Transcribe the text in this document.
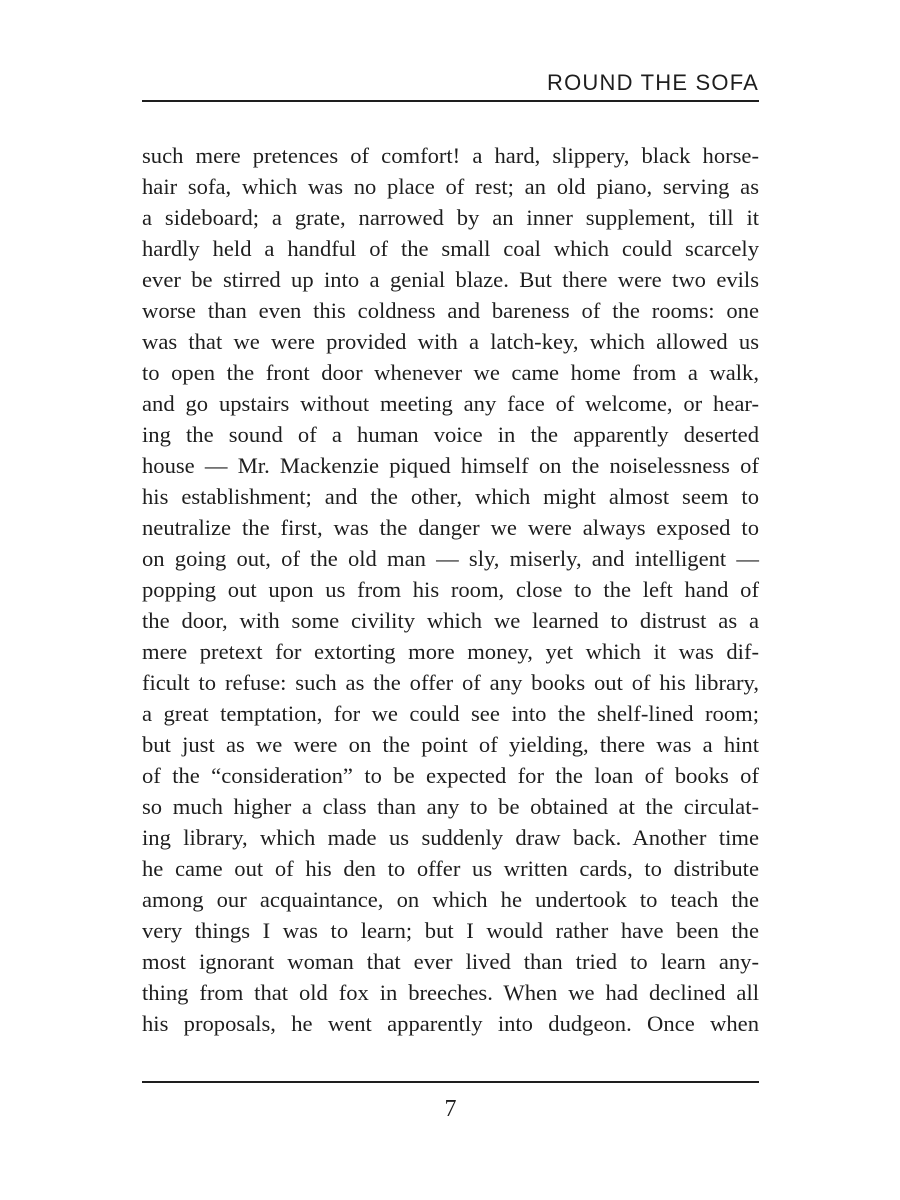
ROUND THE SOFA
such mere pretences of comfort! a hard, slippery, black horse-
hair sofa, which was no place of rest; an old piano, serving as
a sideboard; a grate, narrowed by an inner supplement, till it
hardly held a handful of the small coal which could scarcely
ever be stirred up into a genial blaze. But there were two evils
worse than even this coldness and bareness of the rooms: one
was that we were provided with a latch-key, which allowed us
to open the front door whenever we came home from a walk,
and go upstairs without meeting any face of welcome, or hear-
ing the sound of a human voice in the apparently deserted
house — Mr. Mackenzie piqued himself on the noiselessness of
his establishment; and the other, which might almost seem to
neutralize the first, was the danger we were always exposed to
on going out, of the old man — sly, miserly, and intelligent —
popping out upon us from his room, close to the left hand of
the door, with some civility which we learned to distrust as a
mere pretext for extorting more money, yet which it was dif-
ficult to refuse: such as the offer of any books out of his library,
a great temptation, for we could see into the shelf-lined room;
but just as we were on the point of yielding, there was a hint
of the “consideration” to be expected for the loan of books of
so much higher a class than any to be obtained at the circulat-
ing library, which made us suddenly draw back. Another time
he came out of his den to offer us written cards, to distribute
among our acquaintance, on which he undertook to teach the
very things I was to learn; but I would rather have been the
most ignorant woman that ever lived than tried to learn any-
thing from that old fox in breeches. When we had declined all
his proposals, he went apparently into dudgeon. Once when
7
